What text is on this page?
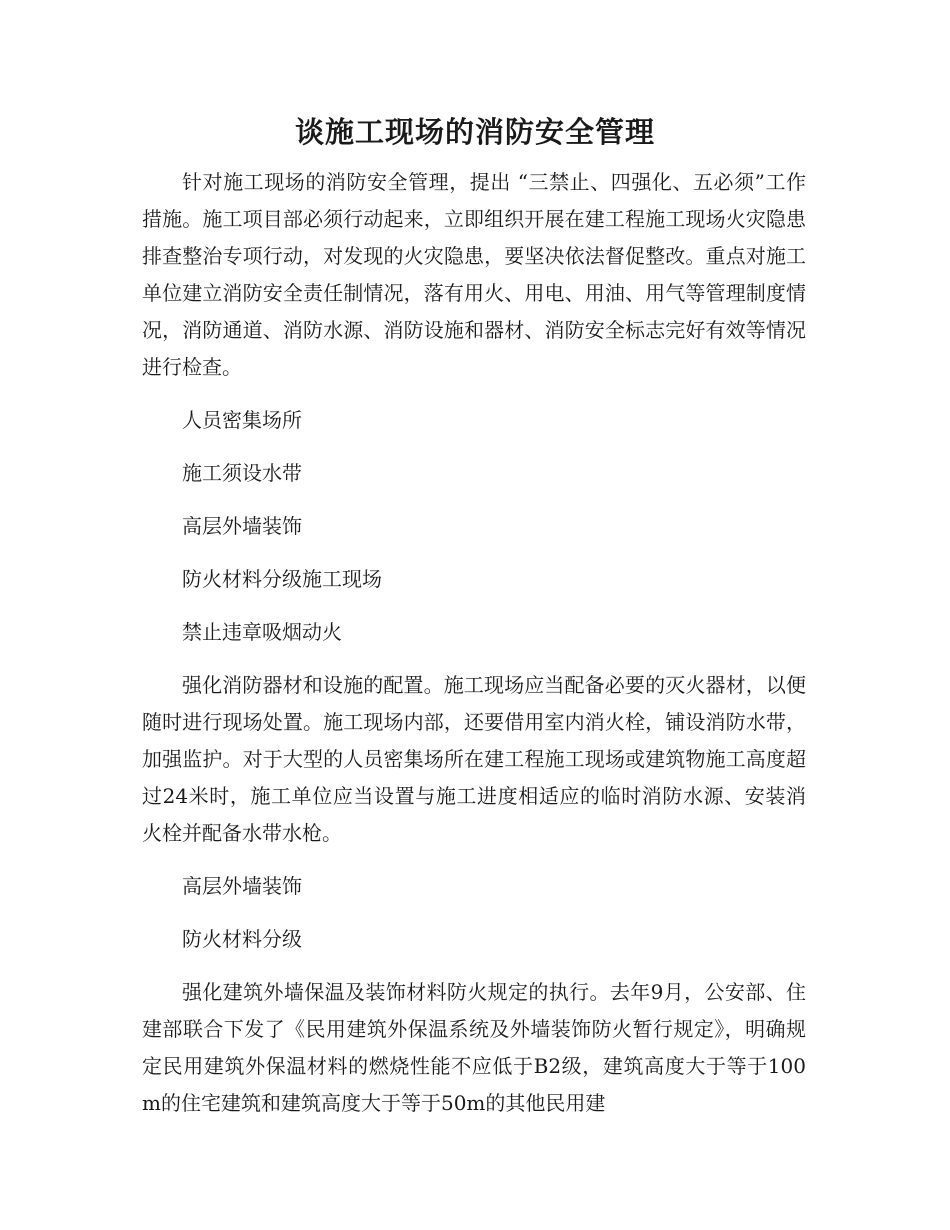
谈施工现场的消防安全管理

针对施工现场的消防安全管理，提出 “三禁止、四强化、五必须”工作措施。施工项目部必须行动起来，立即组织开展在建工程施工现场火灾隐患排查整治专项行动，对发现的火灾隐患，要坚决依法督促整改。重点对施工单位建立消防安全责任制情况，落有用火、用电、用油、用气等管理制度情况，消防通道、消防水源、消防设施和器材、消防安全标志完好有效等情况进行检查。

人员密集场所

施工须设水带

高层外墙装饰

防火材料分级施工现场

禁止违章吸烟动火

强化消防器材和设施的配置。施工现场应当配备必要的灭火器材，以便随时进行现场处置。施工现场内部，还要借用室内消火栓，铺设消防水带，加强监护。对于大型的人员密集场所在建工程施工现场或建筑物施工高度超过24米时，施工单位应当设置与施工进度相适应的临时消防水源、安装消火栓并配备水带水枪。

高层外墙装饰

防火材料分级

强化建筑外墙保温及装饰材料防火规定的执行。去年9月，公安部、住建部联合下发了《民用建筑外保温系统及外墙装饰防火暂行规定》，明确规定民用建筑外保温材料的燃烧性能不应低于B2级，建筑高度大于等于100m的住宅建筑和建筑高度大于等于50m的其他民用建
